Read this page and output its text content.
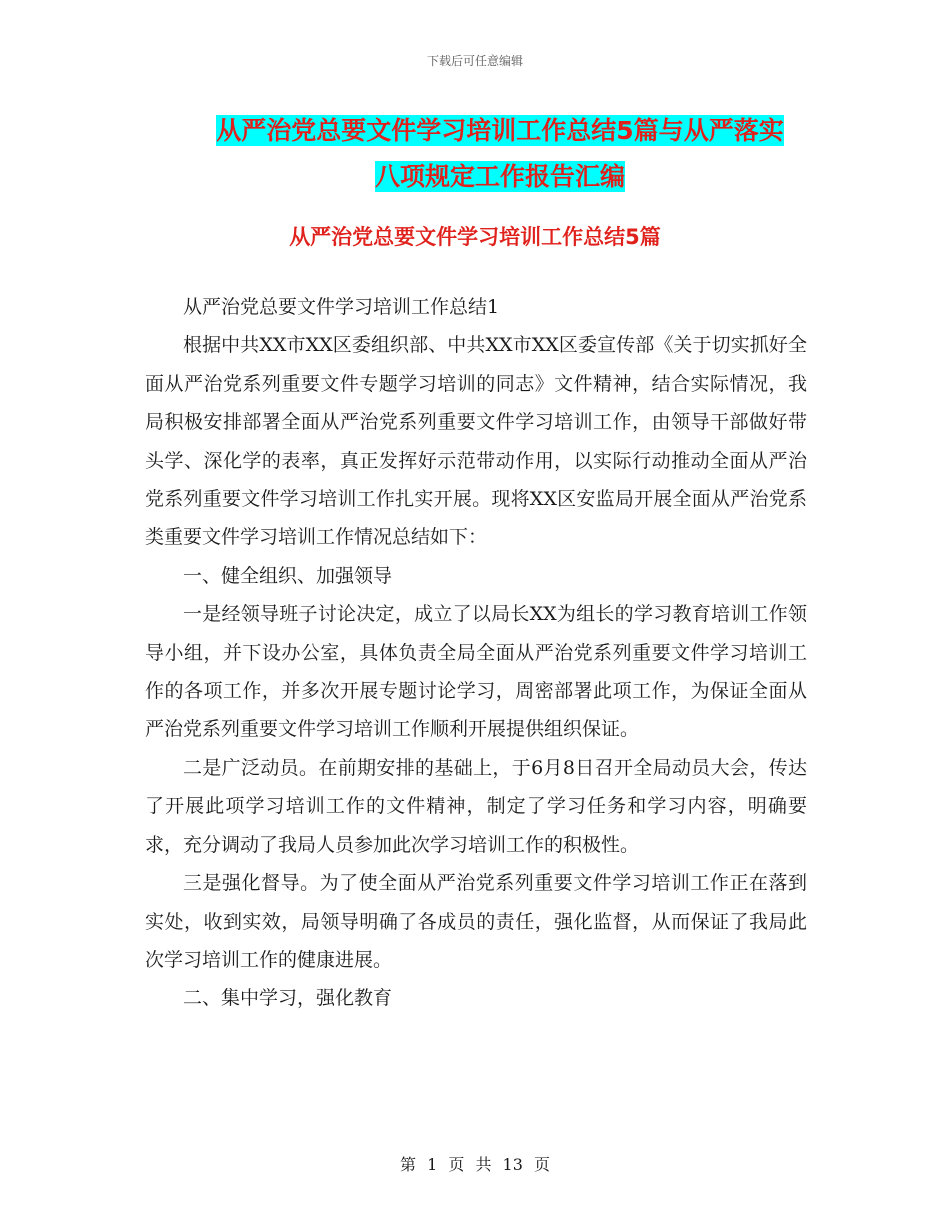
下载后可任意编辑
从严治党总要文件学习培训工作总结5篇与从严落实
八项规定工作报告汇编
从严治党总要文件学习培训工作总结5篇

从严治党总要文件学习培训工作总结1

根据中共XX市XX区委组织部、中共XX市XX区委宣传部《关于切实抓好全面从严治党系列重要文件专题学习培训的同志》文件精神，结合实际情况，我局积极安排部署全面从严治党系列重要文件学习培训工作，由领导干部做好带头学、深化学的表率，真正发挥好示范带动作用，以实际行动推动全面从严治党系列重要文件学习培训工作扎实开展。现将XX区安监局开展全面从严治党系类重要文件学习培训工作情况总结如下：

一、健全组织、加强领导

一是经领导班子讨论决定，成立了以局长XX为组长的学习教育培训工作领导小组，并下设办公室，具体负责全局全面从严治党系列重要文件学习培训工作的各项工作，并多次开展专题讨论学习，周密部署此项工作，为保证全面从严治党系列重要文件学习培训工作顺利开展提供组织保证。

二是广泛动员。在前期安排的基础上，于6月8日召开全局动员大会，传达了开展此项学习培训工作的文件精神，制定了学习任务和学习内容，明确要求，充分调动了我局人员参加此次学习培训工作的积极性。

三是强化督导。为了使全面从严治党系列重要文件学习培训工作正在落到实处，收到实效，局领导明确了各成员的责任，强化监督，从而保证了我局此次学习培训工作的健康进展。

二、集中学习，强化教育

第 1 页 共 13 页
